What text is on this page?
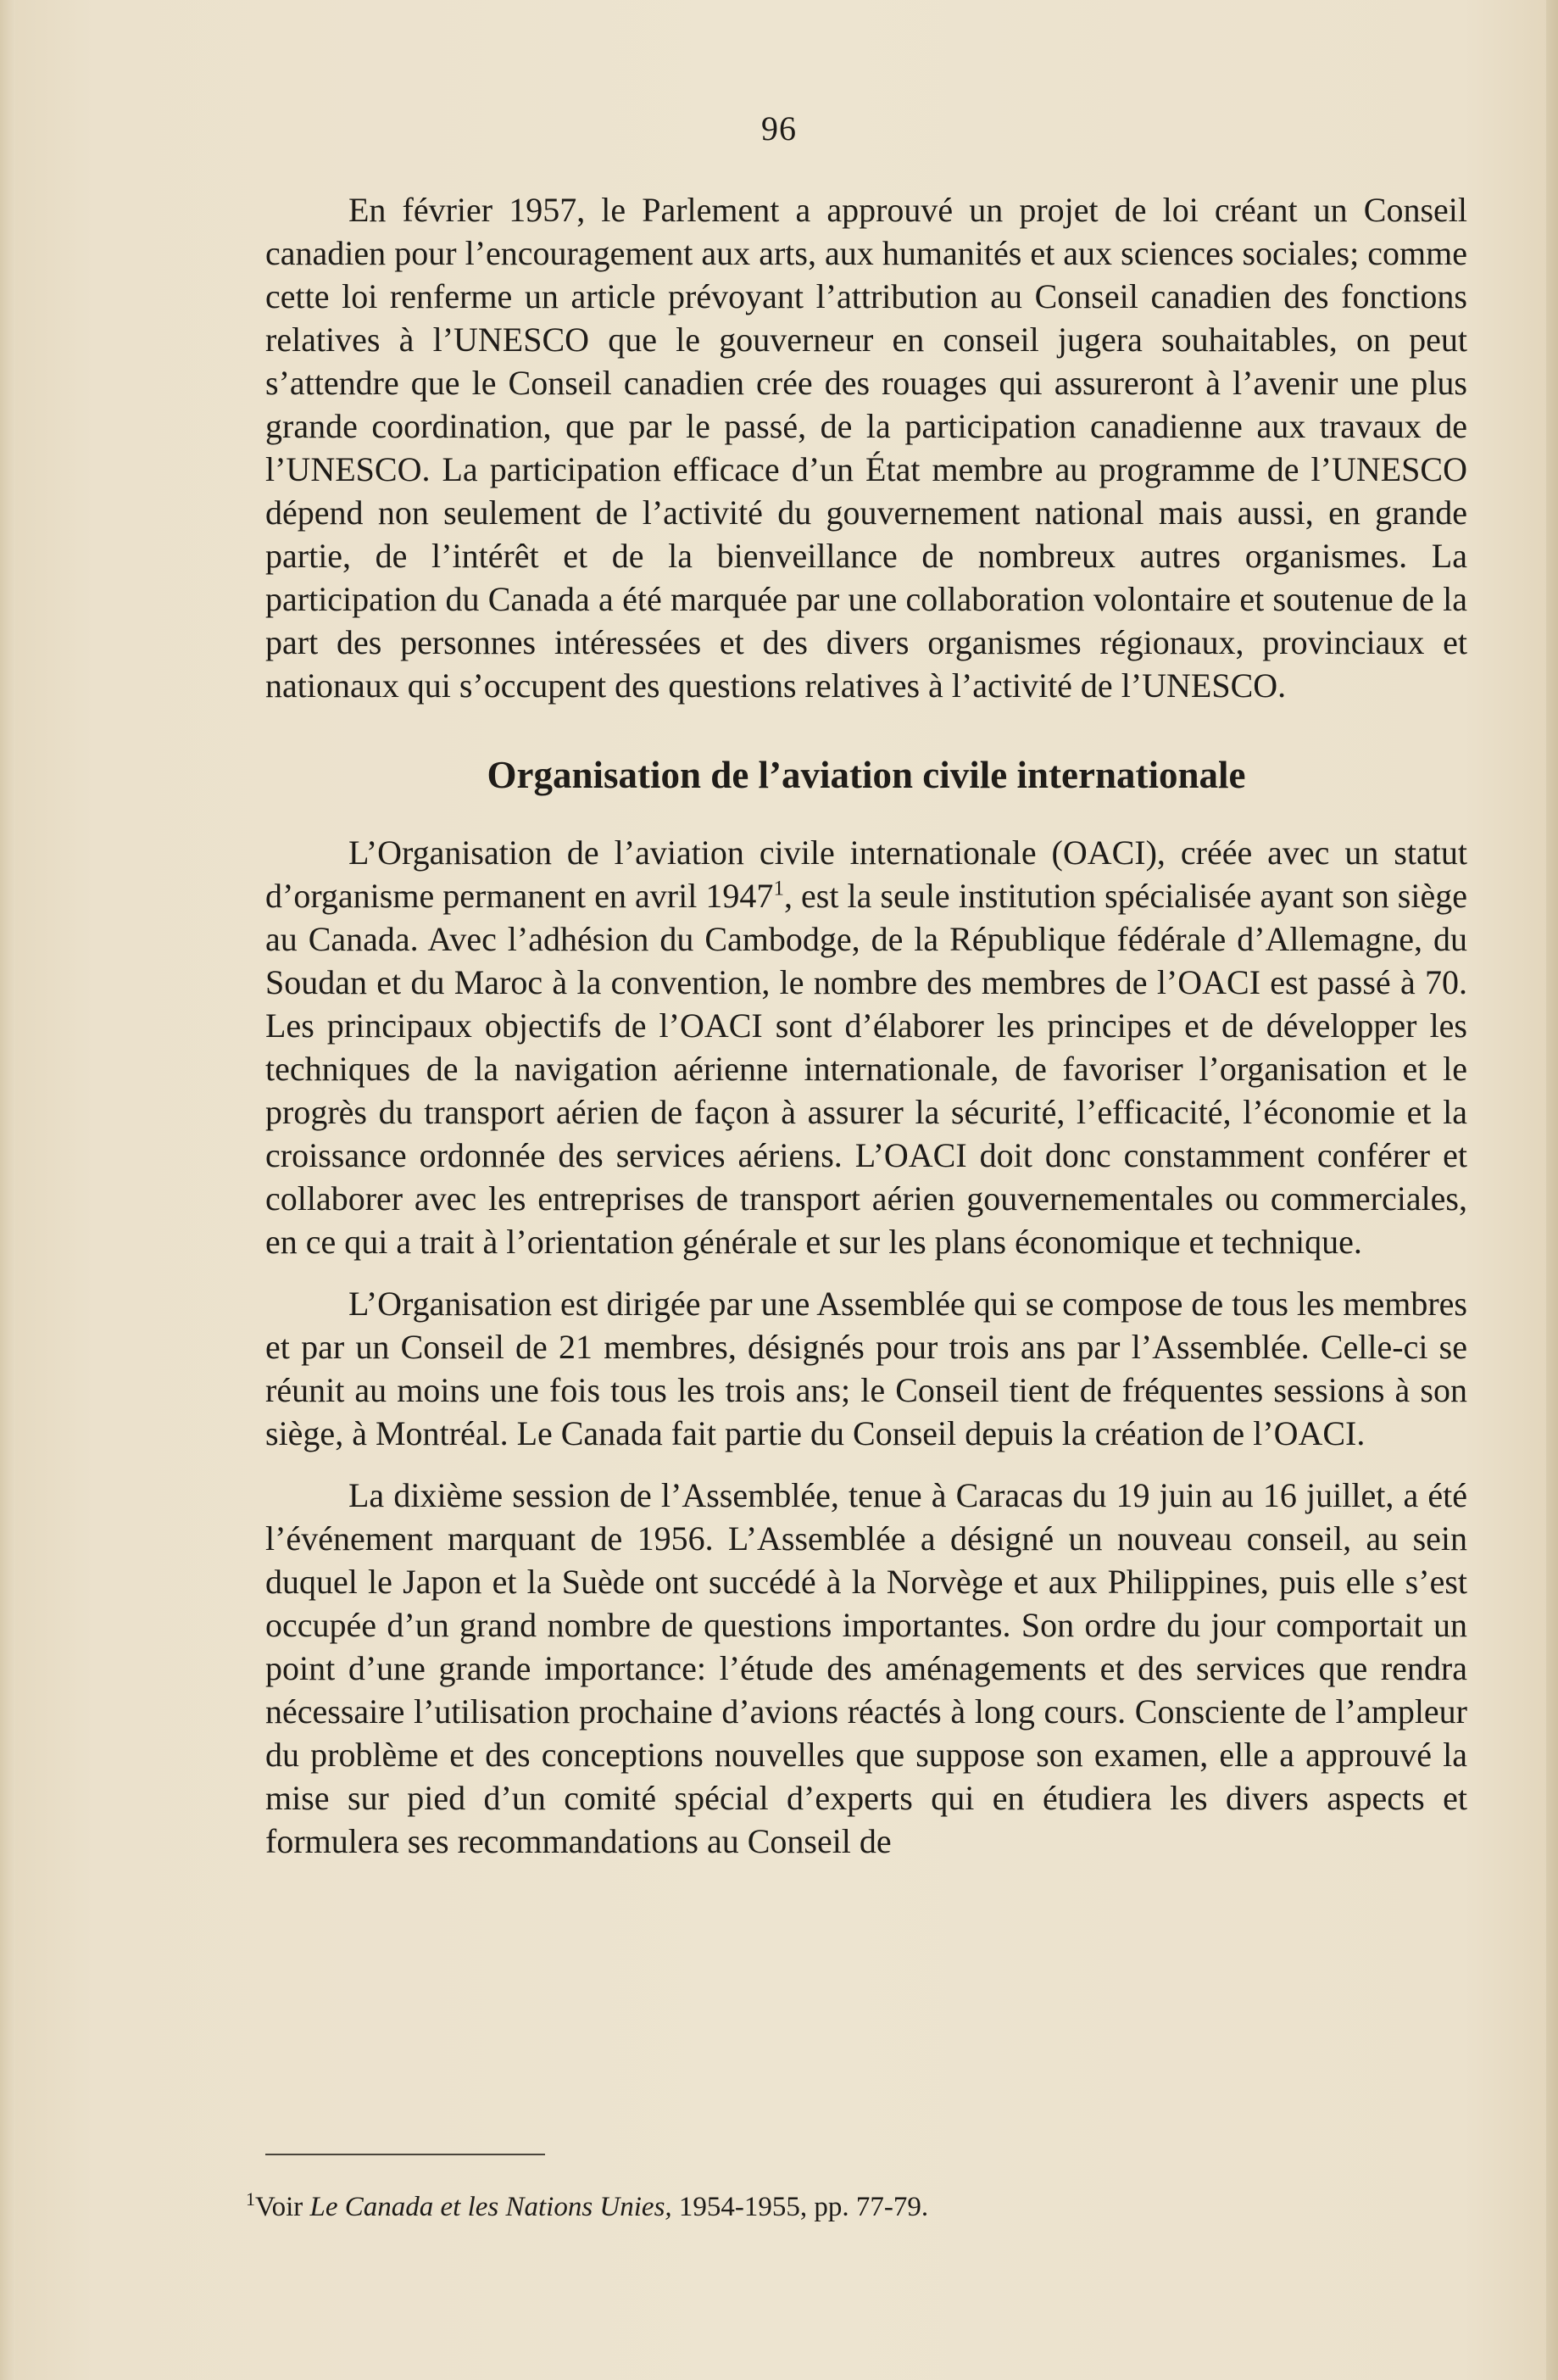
96

En février 1957, le Parlement a approuvé un projet de loi créant un Conseil canadien pour l’encouragement aux arts, aux humanités et aux sciences sociales; comme cette loi renferme un article prévoyant l’attribution au Conseil canadien des fonctions relatives à l’UNESCO que le gouverneur en conseil jugera souhaitables, on peut s’attendre que le Conseil canadien crée des rouages qui assureront à l’avenir une plus grande coordination, que par le passé, de la participation canadienne aux travaux de l’UNESCO. La participation efficace d’un État membre au programme de l’UNESCO dépend non seulement de l’activité du gouvernement national mais aussi, en grande partie, de l’intérêt et de la bienveillance de nombreux autres organismes. La participation du Canada a été marquée par une collaboration volontaire et soutenue de la part des personnes intéressées et des divers organismes régionaux, provinciaux et nationaux qui s’occupent des questions relatives à l’activité de l’UNESCO.

Organisation de l’aviation civile internationale

L’Organisation de l’aviation civile internationale (OACI), créée avec un statut d’organisme permanent en avril 1947$^1$, est la seule institution spécialisée ayant son siège au Canada. Avec l’adhésion du Cambodge, de la République fédérale d’Allemagne, du Soudan et du Maroc à la convention, le nombre des membres de l’OACI est passé à 70. Les principaux objectifs de l’OACI sont d’élaborer les principes et de développer les techniques de la navigation aérienne internationale, de favoriser l’organisation et le progrès du transport aérien de façon à assurer la sécurité, l’efficacité, l’économie et la croissance ordonnée des services aériens. L’OACI doit donc constamment conférer et collaborer avec les entreprises de transport aérien gouvernementales ou commerciales, en ce qui a trait à l’orientation générale et sur les plans économique et technique.

L’Organisation est dirigée par une Assemblée qui se compose de tous les membres et par un Conseil de 21 membres, désignés pour trois ans par l’Assemblée. Celle-ci se réunit au moins une fois tous les trois ans; le Conseil tient de fréquentes sessions à son siège, à Montréal. Le Canada fait partie du Conseil depuis la création de l’OACI.

La dixième session de l’Assemblée, tenue à Caracas du 19 juin au 16 juillet, a été l’événement marquant de 1956. L’Assemblée a désigné un nouveau conseil, au sein duquel le Japon et la Suède ont succédé à la Norvège et aux Philippines, puis elle s’est occupée d’un grand nombre de questions importantes. Son ordre du jour comportait un point d’une grande importance: l’étude des aménagements et des services que rendra nécessaire l’utilisation prochaine d’avions réactés à long cours. Consciente de l’ampleur du problème et des conceptions nouvelles que suppose son examen, elle a approuvé la mise sur pied d’un comité spécial d’experts qui en étudiera les divers aspects et formulera ses recommandations au Conseil de

$^1$Voir Le Canada et les Nations Unies, 1954-1955, pp. 77-79.
